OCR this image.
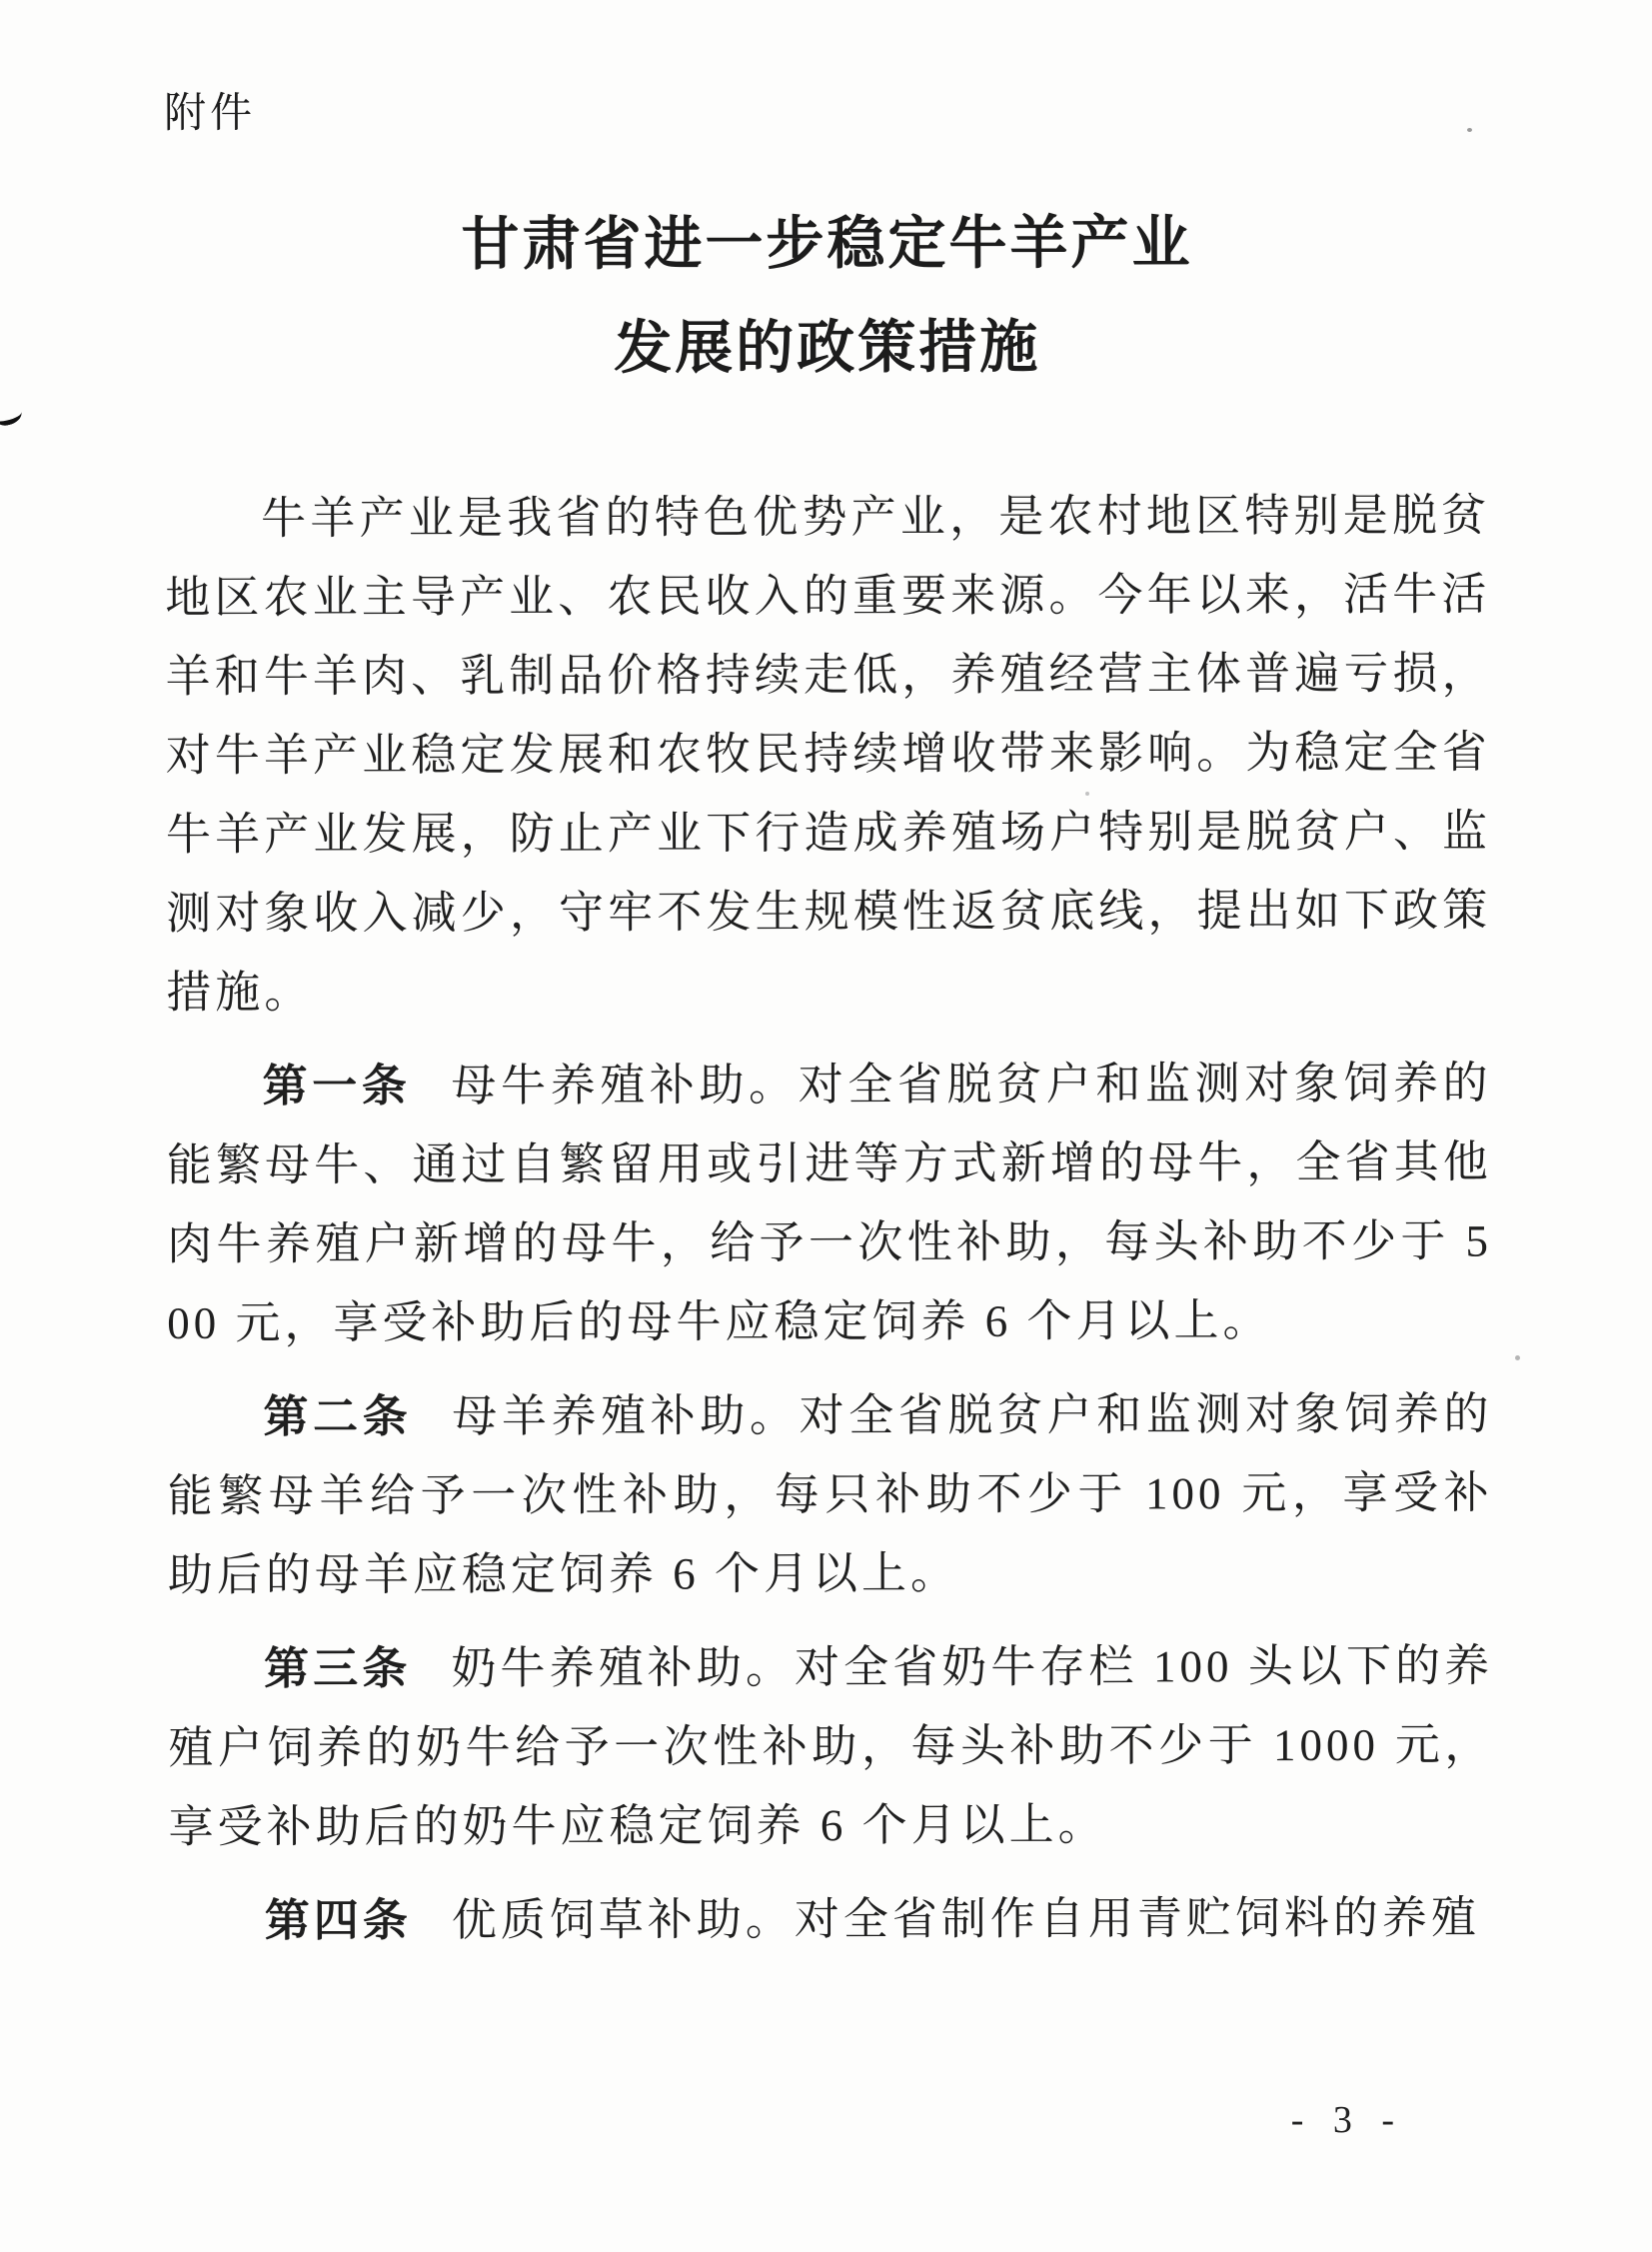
附件
甘肃省进一步稳定牛羊产业
发展的政策措施

牛羊产业是我省的特色优势产业，是农村地区特别是脱贫地区农业主导产业、农民收入的重要来源。今年以来，活牛活羊和牛羊肉、乳制品价格持续走低，养殖经营主体普遍亏损，对牛羊产业稳定发展和农牧民持续增收带来影响。为稳定全省牛羊产业发展，防止产业下行造成养殖场户特别是脱贫户、监测对象收入减少，守牢不发生规模性返贫底线，提出如下政策措施。

第一条 母牛养殖补助。对全省脱贫户和监测对象饲养的能繁母牛、通过自繁留用或引进等方式新增的母牛，全省其他肉牛养殖户新增的母牛，给予一次性补助，每头补助不少于 500 元，享受补助后的母牛应稳定饲养 6 个月以上。

第二条 母羊养殖补助。对全省脱贫户和监测对象饲养的能繁母羊给予一次性补助，每只补助不少于 100 元，享受补助后的母羊应稳定饲养 6 个月以上。

第三条 奶牛养殖补助。对全省奶牛存栏 100 头以下的养殖户饲养的奶牛给予一次性补助，每头补助不少于 1000 元，享受补助后的奶牛应稳定饲养 6 个月以上。

第四条 优质饲草补助。对全省制作自用青贮饲料的养殖

- 3 -
